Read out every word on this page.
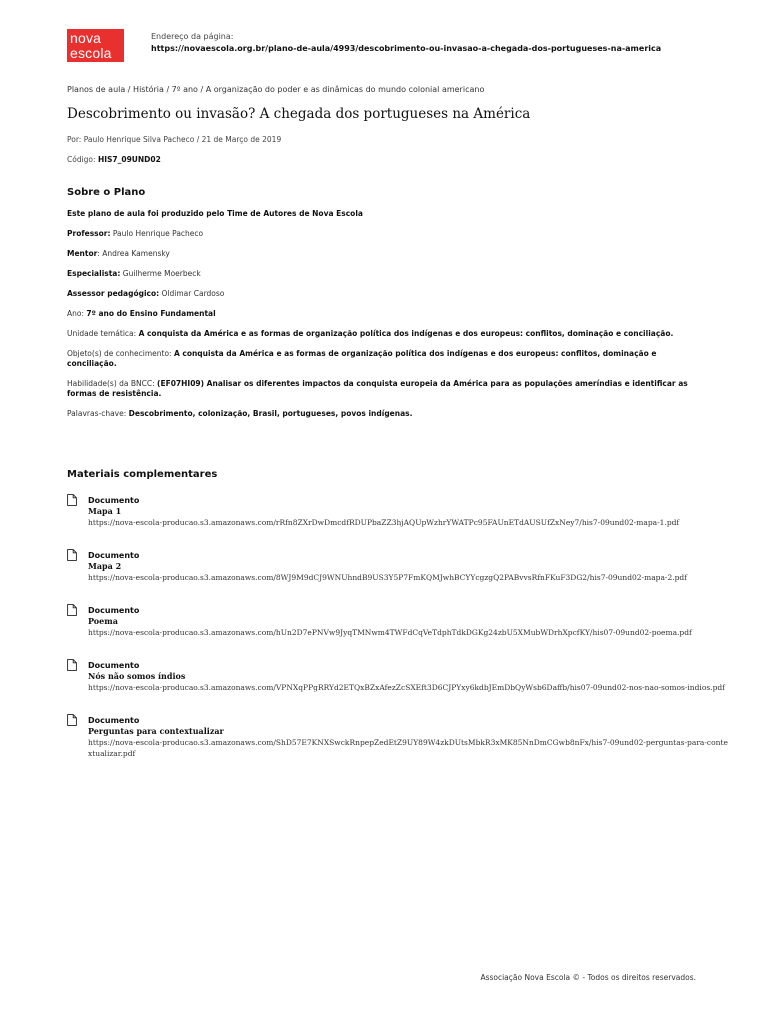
nova
escola
Endereço da página:
https://novaescola.org.br/plano-de-aula/4993/descobrimento-ou-invasao-a-chegada-dos-portugueses-na-america
Planos de aula / História / 7º ano / A organização do poder e as dinâmicas do mundo colonial americano
Descobrimento ou invasão? A chegada dos portugueses na América
Por: Paulo Henrique Silva Pacheco / 21 de Março de 2019
Código: HIS7_09UND02
Sobre o Plano
Este plano de aula foi produzido pelo Time de Autores de Nova Escola
Professor: Paulo Henrique Pacheco
Mentor: Andrea Kamensky
Especialista: Guilherme Moerbeck
Assessor pedagógico: Oldimar Cardoso
Ano: 7º ano do Ensino Fundamental
Unidade temática: A conquista da América e as formas de organização política dos indígenas e dos europeus: conflitos, dominação e conciliação.
Objeto(s) de conhecimento: A conquista da América e as formas de organização política dos indígenas e dos europeus: conflitos, dominação e conciliação.
Habilidade(s) da BNCC: (EF07HI09) Analisar os diferentes impactos da conquista europeia da América para as populações ameríndias e identificar as formas de resistência.
Palavras-chave: Descobrimento, colonização, Brasil, portugueses, povos indígenas.
Materiais complementares
Documento
Mapa 1
https://nova-escola-producao.s3.amazonaws.com/rRfn8ZXrDwDmcdfRDUPbaZZ3hjAQUpWzhrYWATPc95FAUnETdAUSUfZxNey7/his7-09und02-mapa-1.pdf
Documento
Mapa 2
https://nova-escola-producao.s3.amazonaws.com/8WJ9M9dCJ9WNUhndB9US3Y5P7FmKQMJwhBCYYcgzgQ2PABvvsRfnFKuF3DG2/his7-09und02-mapa-2.pdf
Documento
Poema
https://nova-escola-producao.s3.amazonaws.com/hUn2D7ePNVw9JyqTMNwm4TWFdCqVeTdphTdkDGKg24zbU5XMubWDrhXpcfKY/his07-09und02-poema.pdf
Documento
Nós não somos índios
https://nova-escola-producao.s3.amazonaws.com/VPNXqPPgRRYd2ETQxBZxAfezZcSXEft3D6CJPYxy6kdbJEmDbQyWsb6Daffb/his07-09und02-nos-nao-somos-indios.pdf
Documento
Perguntas para contextualizar
https://nova-escola-producao.s3.amazonaws.com/ShD57E7KNXSwckRnpepZedEtZ9UY89W4zkDUtsMbkR3xMK85NnDmCGwb8nFx/his7-09und02-perguntas-para-contextualizar.pdf
Associação Nova Escola © - Todos os direitos reservados.
